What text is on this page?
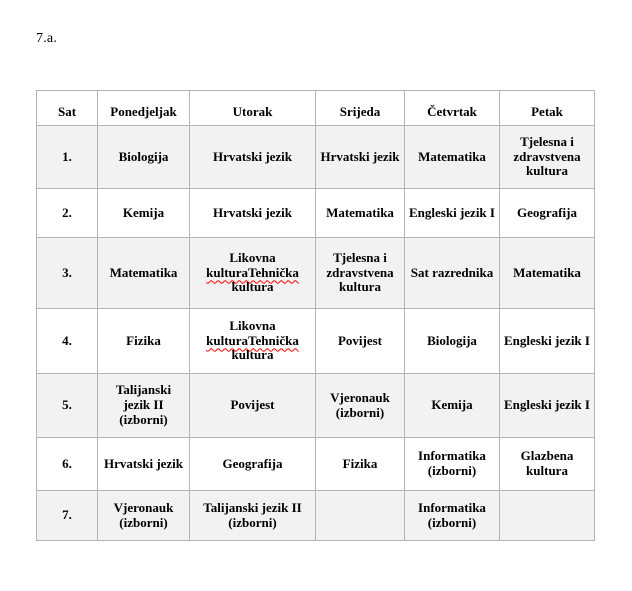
7.a.
Sat	Ponedjeljak	Utorak	Srijeda	Četvrtak	Petak
1.	Biologija	Hrvatski jezik	Hrvatski jezik	Matematika	Tjelesna i zdravstvena kultura
2.	Kemija	Hrvatski jezik	Matematika	Engleski jezik I	Geografija
3.	Matematika	Likovna kulturaTehnička kultura	Tjelesna i zdravstvena kultura	Sat razrednika	Matematika
4.	Fizika	Likovna kulturaTehnička kultura	Povijest	Biologija	Engleski jezik I
5.	Talijanski jezik II (izborni)	Povijest	Vjeronauk (izborni)	Kemija	Engleski jezik I
6.	Hrvatski jezik	Geografija	Fizika	Informatika (izborni)	Glazbena kultura
7.	Vjeronauk (izborni)	Talijanski jezik II (izborni)		Informatika (izborni)	
